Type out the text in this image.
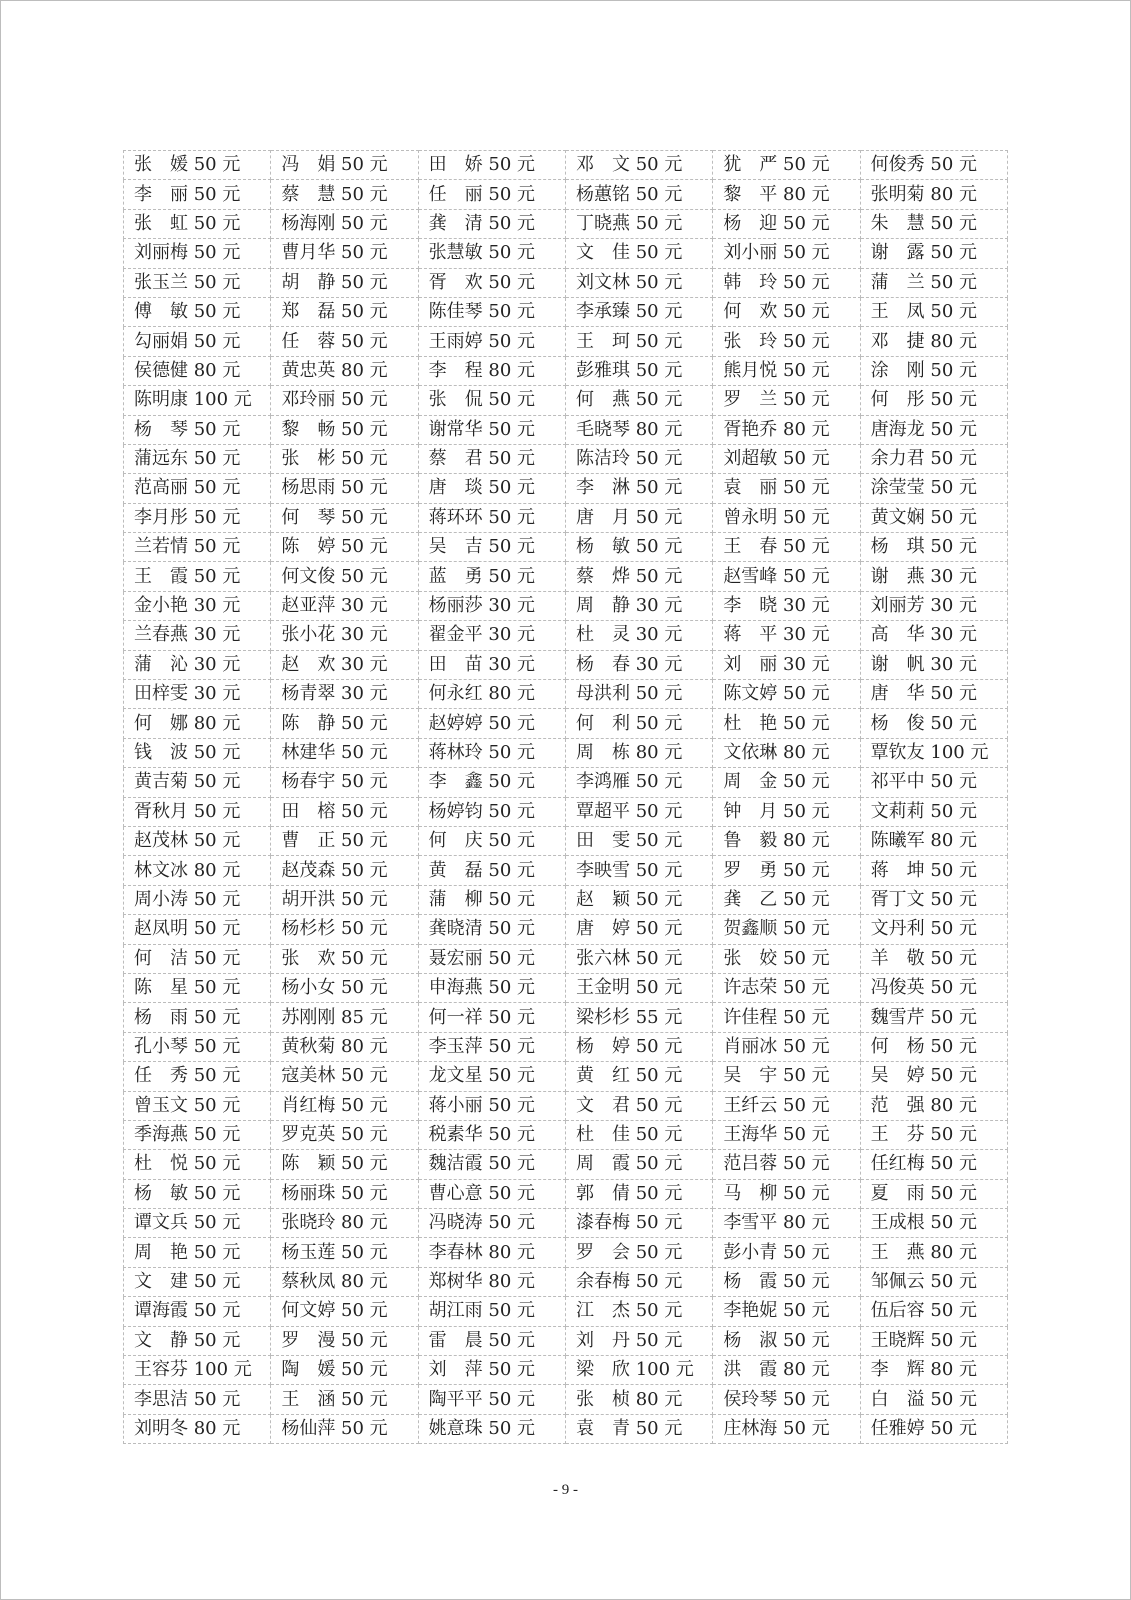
张　媛 50 元	冯　娟 50 元	田　娇 50 元	邓　文 50 元	犹　严 50 元	何俊秀 50 元
李　丽 50 元	蔡　慧 50 元	任　丽 50 元	杨蕙铭 50 元	黎　平 80 元	张明菊 80 元
张　虹 50 元	杨海刚 50 元	龚　清 50 元	丁晓燕 50 元	杨　迎 50 元	朱　慧 50 元
刘丽梅 50 元	曹月华 50 元	张慧敏 50 元	文　佳 50 元	刘小丽 50 元	谢　露 50 元
张玉兰 50 元	胡　静 50 元	胥　欢 50 元	刘文林 50 元	韩　玲 50 元	蒲　兰 50 元
傅　敏 50 元	郑　磊 50 元	陈佳琴 50 元	李承臻 50 元	何　欢 50 元	王　凤 50 元
勾丽娟 50 元	任　蓉 50 元	王雨婷 50 元	王　珂 50 元	张　玲 50 元	邓　捷 80 元
侯德健 80 元	黄忠英 80 元	李　程 80 元	彭雅琪 50 元	熊月悦 50 元	涂　刚 50 元
陈明康 100 元	邓玲丽 50 元	张　侃 50 元	何　燕 50 元	罗　兰 50 元	何　彤 50 元
杨　琴 50 元	黎　畅 50 元	谢常华 50 元	毛晓琴 80 元	胥艳乔 80 元	唐海龙 50 元
蒲远东 50 元	张　彬 50 元	蔡　君 50 元	陈洁玲 50 元	刘超敏 50 元	余力君 50 元
范高丽 50 元	杨思雨 50 元	唐　琰 50 元	李　淋 50 元	袁　丽 50 元	涂莹莹 50 元
李月彤 50 元	何　琴 50 元	蒋环环 50 元	唐　月 50 元	曾永明 50 元	黄文娴 50 元
兰若情 50 元	陈　婷 50 元	吴　吉 50 元	杨　敏 50 元	王　春 50 元	杨　琪 50 元
王　霞 50 元	何文俊 50 元	蓝　勇 50 元	蔡　烨 50 元	赵雪峰 50 元	谢　燕 30 元
金小艳 30 元	赵亚萍 30 元	杨丽莎 30 元	周　静 30 元	李　晓 30 元	刘丽芳 30 元
兰春燕 30 元	张小花 30 元	翟金平 30 元	杜　灵 30 元	蒋　平 30 元	高　华 30 元
蒲　沁 30 元	赵　欢 30 元	田　苗 30 元	杨　春 30 元	刘　丽 30 元	谢　帆 30 元
田梓雯 30 元	杨青翠 30 元	何永红 80 元	母洪利 50 元	陈文婷 50 元	唐　华 50 元
何　娜 80 元	陈　静 50 元	赵婷婷 50 元	何　利 50 元	杜　艳 50 元	杨　俊 50 元
钱　波 50 元	林建华 50 元	蒋林玲 50 元	周　栋 80 元	文依琳 80 元	覃钦友 100 元
黄吉菊 50 元	杨春宇 50 元	李　鑫 50 元	李鸿雁 50 元	周　金 50 元	祁平中 50 元
胥秋月 50 元	田　榕 50 元	杨婷钧 50 元	覃超平 50 元	钟　月 50 元	文莉莉 50 元
赵茂林 50 元	曹　正 50 元	何　庆 50 元	田　雯 50 元	鲁　毅 80 元	陈曦军 80 元
林文冰 80 元	赵茂森 50 元	黄　磊 50 元	李映雪 50 元	罗　勇 50 元	蒋　坤 50 元
周小涛 50 元	胡开洪 50 元	蒲　柳 50 元	赵　颖 50 元	龚　乙 50 元	胥丁文 50 元
赵凤明 50 元	杨杉杉 50 元	龚晓清 50 元	唐　婷 50 元	贺鑫顺 50 元	文丹利 50 元
何　洁 50 元	张　欢 50 元	聂宏丽 50 元	张六林 50 元	张　姣 50 元	羊　敬 50 元
陈　星 50 元	杨小女 50 元	申海燕 50 元	王金明 50 元	许志荣 50 元	冯俊英 50 元
杨　雨 50 元	苏刚刚 85 元	何一祥 50 元	梁杉杉 55 元	许佳程 50 元	魏雪芹 50 元
孔小琴 50 元	黄秋菊 80 元	李玉萍 50 元	杨　婷 50 元	肖丽冰 50 元	何　杨 50 元
任　秀 50 元	寇美林 50 元	龙文星 50 元	黄　红 50 元	吴　宇 50 元	吴　婷 50 元
曾玉文 50 元	肖红梅 50 元	蒋小丽 50 元	文　君 50 元	王纤云 50 元	范　强 80 元
季海燕 50 元	罗克英 50 元	税素华 50 元	杜　佳 50 元	王海华 50 元	王　芬 50 元
杜　悦 50 元	陈　颖 50 元	魏洁霞 50 元	周　霞 50 元	范吕蓉 50 元	任红梅 50 元
杨　敏 50 元	杨丽珠 50 元	曹心意 50 元	郭　倩 50 元	马　柳 50 元	夏　雨 50 元
谭文兵 50 元	张晓玲 80 元	冯晓涛 50 元	漆春梅 50 元	李雪平 80 元	王成根 50 元
周　艳 50 元	杨玉莲 50 元	李春林 80 元	罗　会 50 元	彭小青 50 元	王　燕 80 元
文　建 50 元	蔡秋凤 80 元	郑树华 80 元	余春梅 50 元	杨　霞 50 元	邹佩云 50 元
谭海霞 50 元	何文婷 50 元	胡江雨 50 元	江　杰 50 元	李艳妮 50 元	伍后容 50 元
文　静 50 元	罗　漫 50 元	雷　晨 50 元	刘　丹 50 元	杨　淑 50 元	王晓辉 50 元
王容芬 100 元	陶　媛 50 元	刘　萍 50 元	梁　欣 100 元	洪　霞 80 元	李　辉 80 元
李思洁 50 元	王　涵 50 元	陶平平 50 元	张　桢 80 元	侯玲琴 50 元	白　溢 50 元
刘明冬 80 元	杨仙萍 50 元	姚意珠 50 元	袁　青 50 元	庄林海 50 元	任雅婷 50 元
- 9 -
